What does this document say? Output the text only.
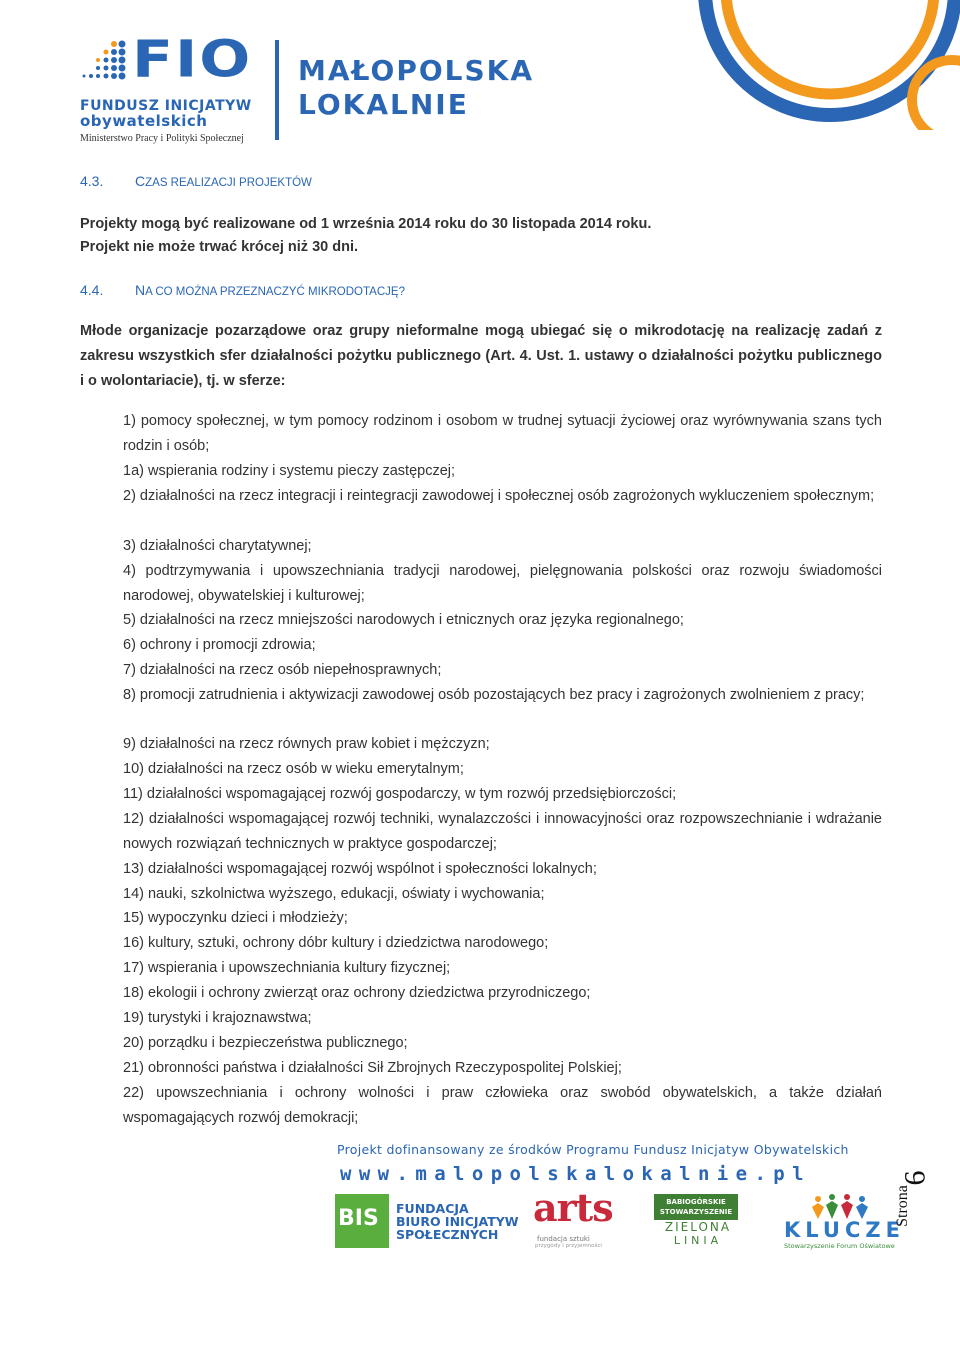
FIO
FUNDUSZ INICJATYW
obywatelskich
Ministerstwo Pracy i Polityki Społecznej
MAŁOPOLSKA
LOKALNIE
4.3. CZAS REALIZACJI PROJEKTÓW
Projekty mogą być realizowane od 1 września 2014 roku do 30 listopada 2014 roku.
Projekt nie może trwać krócej niż 30 dni.
4.4. NA CO MOŻNA PRZEZNACZYĆ MIKRODOTACJĘ?
Młode organizacje pozarządowe oraz grupy nieformalne mogą ubiegać się o mikrodotację na realizację zadań z zakresu wszystkich sfer działalności pożytku publicznego (Art. 4. Ust. 1. ustawy o działalności pożytku publicznego i o wolontariacie), tj. w sferze:
1) pomocy społecznej, w tym pomocy rodzinom i osobom w trudnej sytuacji życiowej oraz wyrównywania szans tych rodzin i osób;
1a) wspierania rodziny i systemu pieczy zastępczej;
2) działalności na rzecz integracji i reintegracji zawodowej i społecznej osób zagrożonych wykluczeniem społecznym;
3) działalności charytatywnej;
4) podtrzymywania i upowszechniania tradycji narodowej, pielęgnowania polskości oraz rozwoju świadomości narodowej, obywatelskiej i kulturowej;
5) działalności na rzecz mniejszości narodowych i etnicznych oraz języka regionalnego;
6) ochrony i promocji zdrowia;
7) działalności na rzecz osób niepełnosprawnych;
8) promocji zatrudnienia i aktywizacji zawodowej osób pozostających bez pracy i zagrożonych zwolnieniem z pracy;
9) działalności na rzecz równych praw kobiet i mężczyzn;
10) działalności na rzecz osób w wieku emerytalnym;
11) działalności wspomagającej rozwój gospodarczy, w tym rozwój przedsiębiorczości;
12) działalności wspomagającej rozwój techniki, wynalazczości i innowacyjności oraz rozpowszechnianie i wdrażanie nowych rozwiązań technicznych w praktyce gospodarczej;
13) działalności wspomagającej rozwój wspólnot i społeczności lokalnych;
14) nauki, szkolnictwa wyższego, edukacji, oświaty i wychowania;
15) wypoczynku dzieci i młodzieży;
16) kultury, sztuki, ochrony dóbr kultury i dziedzictwa narodowego;
17) wspierania i upowszechniania kultury fizycznej;
18) ekologii i ochrony zwierząt oraz ochrony dziedzictwa przyrodniczego;
19) turystyki i krajoznawstwa;
20) porządku i bezpieczeństwa publicznego;
21) obronności państwa i działalności Sił Zbrojnych Rzeczypospolitej Polskiej;
22) upowszechniania i ochrony wolności i praw człowieka oraz swobód obywatelskich, a także działań wspomagających rozwój demokracji;
Projekt dofinansowany ze środków Programu Fundusz Inicjatyw Obywatelskich
www.malopolskalokalnie.pl
BIS FUNDACJA
BIURO INICJATYW
SPOŁECZNYCH
arts
fundacja sztuki
przygody i przyjemności
BABIOGÓRSKIE
STOWARZYSZENIE
ZIELONA
LINIA	KLUCZE
Stowarzyszenie Forum Oświatowe
Strona
6
